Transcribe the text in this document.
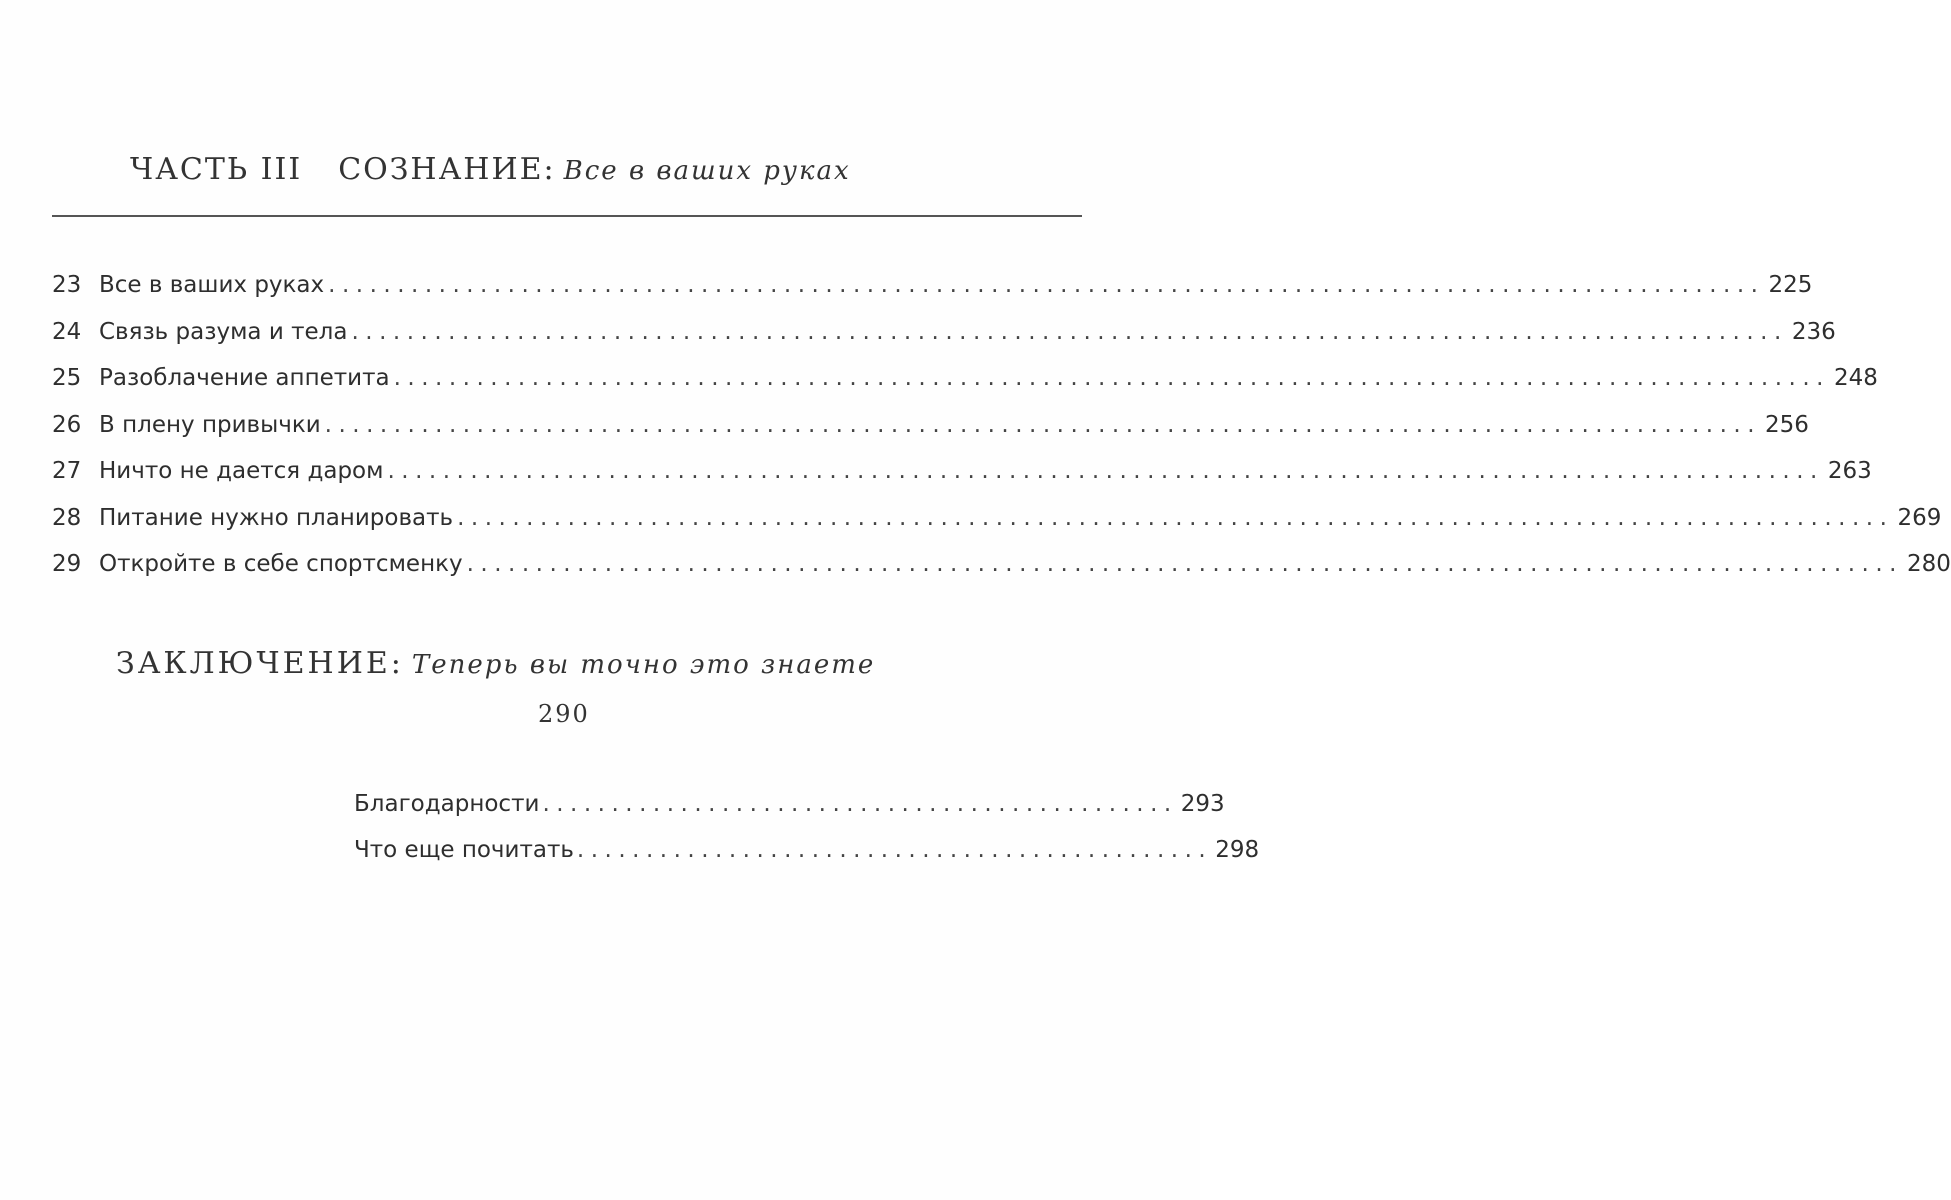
ЧАСТЬ III СОЗНАНИЕ: Все в ваших руках
23 Все в ваших руках ........................................................................................................ 225
24 Связь разума и тела ........................................................................................................ 236
25 Разоблачение аппетита ........................................................................................................ 248
26 В плену привычки ........................................................................................................ 256
27 Ничто не дается даром ........................................................................................................ 263
28 Питание нужно планировать ........................................................................................................ 269
29 Откройте в себе спортсменку ........................................................................................................ 280
ЗАКЛЮЧЕНИЕ: Теперь вы точно это знаете
290
Благодарности .............................................. 293
Что еще почитать .............................................. 298
